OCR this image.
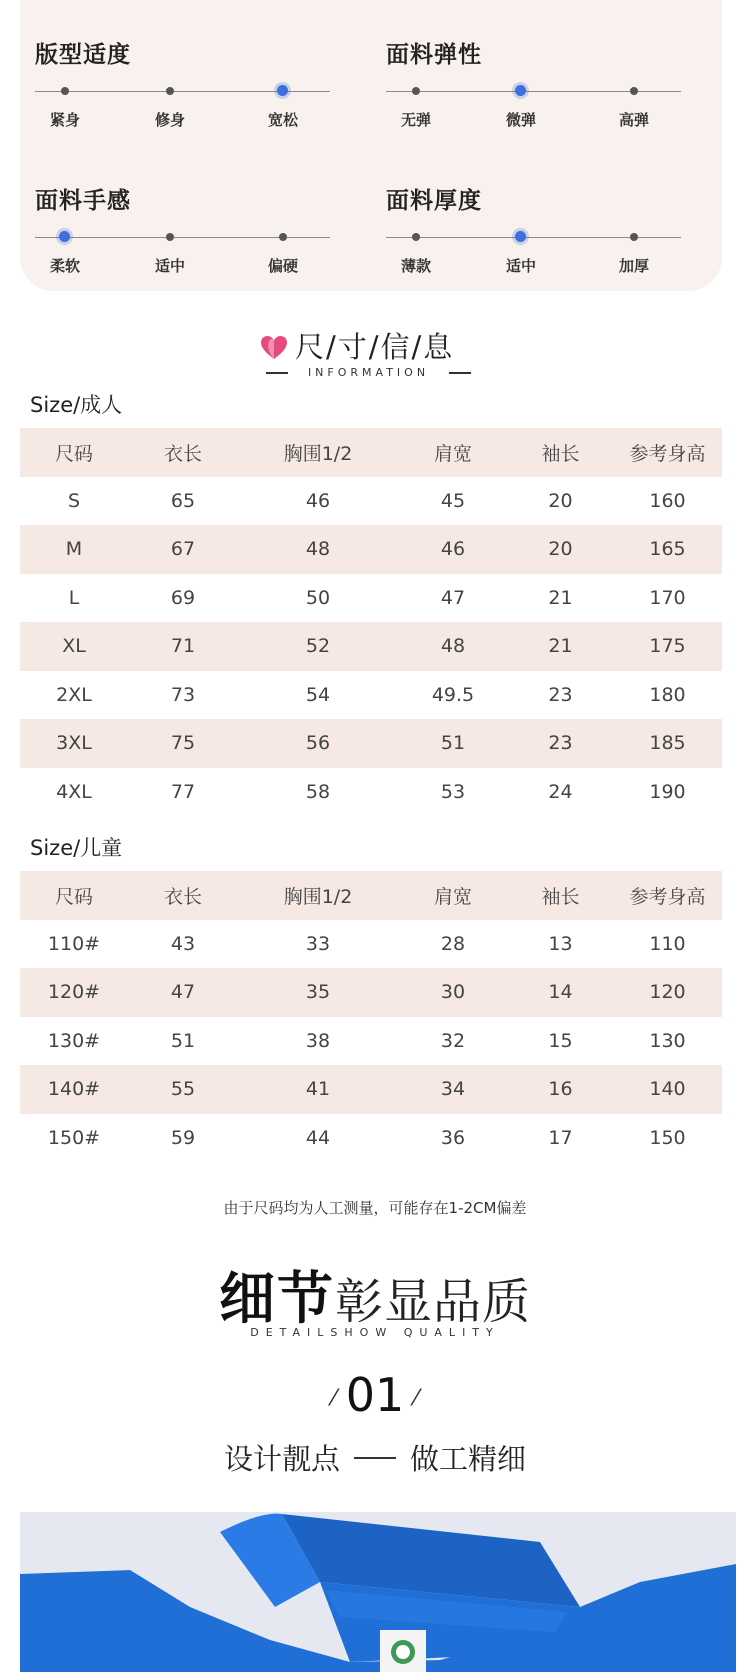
版型适度
紧身	修身	宽松
面料弹性
无弹	微弹	高弹
面料手感
柔软	适中	偏硬
面料厚度
薄款	适中	加厚
尺/寸/信/息
INFORMATION
Size/成人
尺码	衣长	胸围1/2	肩宽	袖长	参考身高
S	65	46	45	20	160
M	67	48	46	20	165
L	69	50	47	21	170
XL	71	52	48	21	175
2XL	73	54	49.5	23	180
3XL	75	56	51	23	185
4XL	77	58	53	24	190
Size/儿童
尺码	衣长	胸围1/2	肩宽	袖长	参考身高
110#	43	33	28	13	110
120#	47	35	30	14	120
130#	51	38	32	15	130
140#	55	41	34	16	140
150#	59	44	36	17	150
由于尺码均为人工测量，可能存在1-2CM偏差
细节彰显品质
DETAILSHOW QUALITY
⁄ 01 ⁄
设计靓点 做工精细
